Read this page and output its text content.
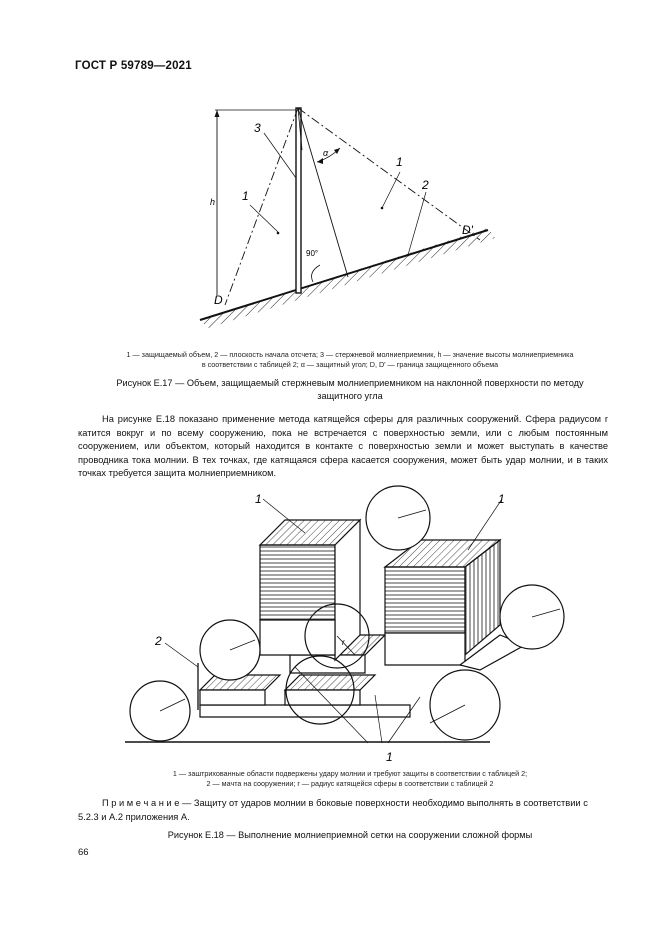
ГОСТ Р 59789—2021
3
1
1
2
h
α
90°
D
D'
1 — защищаемый объем, 2 — плоскость начала отсчета; 3 — стержневой молниеприемник, h — значение высоты молниеприемника
в соответствии с таблицей 2; α — защитный угол; D, D' — граница защищенного объема
Рисунок Е.17 — Объем, защищаемый стержневым молниеприемником на наклонной поверхности по методу
защитного угла
На рисунке Е.18 показано применение метода катящейся сферы для различных сооружений. Сфера радиусом r катится вокруг и по всему сооружению, пока не встречается с поверхностью земли, или с любым постоянным сооружением, или объектом, который находится в контакте с поверхностью земли и может выступать в качестве проводника тока молнии. В тех точках, где катящаяся сфера касается сооружения, может быть удар молнии, и в таких точках требуется защита молниеприемником.
1	1
2
1
r
1 — заштрихованные области подвержены удару молнии и требуют защиты в соответствии с таблицей 2;
2 — мачта на сооружении; r — радиус катящейся сферы в соответствии с таблицей 2
П р и м е ч а н и е — Защиту от ударов молнии в боковые поверхности необходимо выполнять в соответствии с 5.2.3 и А.2 приложения А.
Рисунок Е.18 — Выполнение молниеприемной сетки на сооружении сложной формы
66
